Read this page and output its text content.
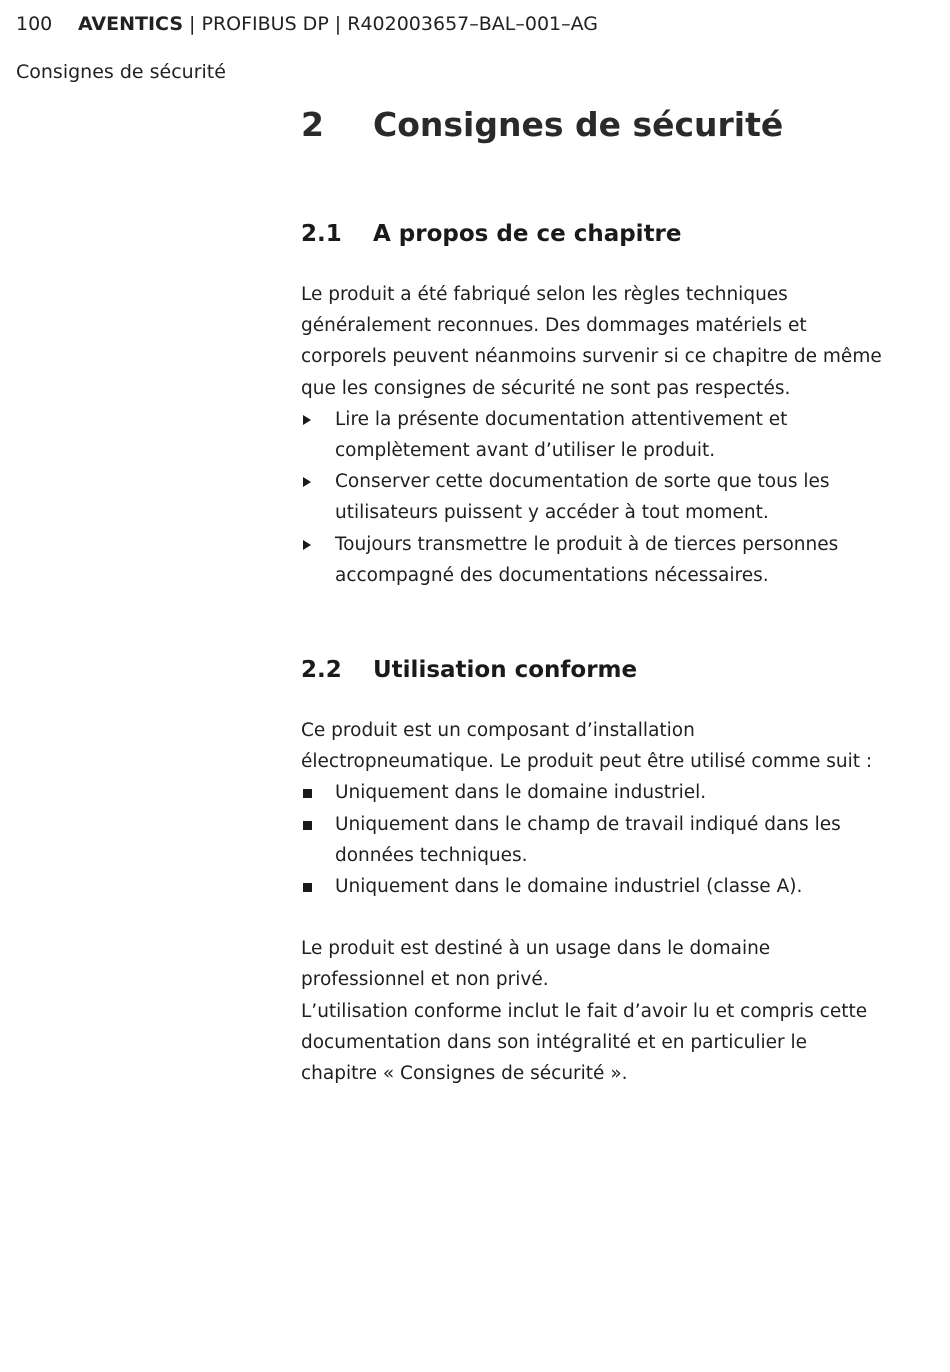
100 AVENTICS | PROFIBUS DP | R402003657–BAL–001–AG
Consignes de sécurité
2 Consignes de sécurité
2.1 A propos de ce chapitre

Le produit a été fabriqué selon les règles techniques généralement reconnues. Des dommages matériels et corporels peuvent néanmoins survenir si ce chapitre de même que les consignes de sécurité ne sont pas respectés.

Lire la présente documentation attentivement et complètement avant d’utiliser le produit.
Conserver cette documentation de sorte que tous les utilisateurs puissent y accéder à tout moment.
Toujours transmettre le produit à de tierces personnes accompagné des documentations nécessaires.
2.2 Utilisation conforme

Ce produit est un composant d’installation électropneumatique. Le produit peut être utilisé comme suit :

Uniquement dans le domaine industriel.
Uniquement dans le champ de travail indiqué dans les données techniques.
Uniquement dans le domaine industriel (classe A).

Le produit est destiné à un usage dans le domaine professionnel et non privé.

L’utilisation conforme inclut le fait d’avoir lu et compris cette documentation dans son intégralité et en particulier le chapitre « Consignes de sécurité ».
